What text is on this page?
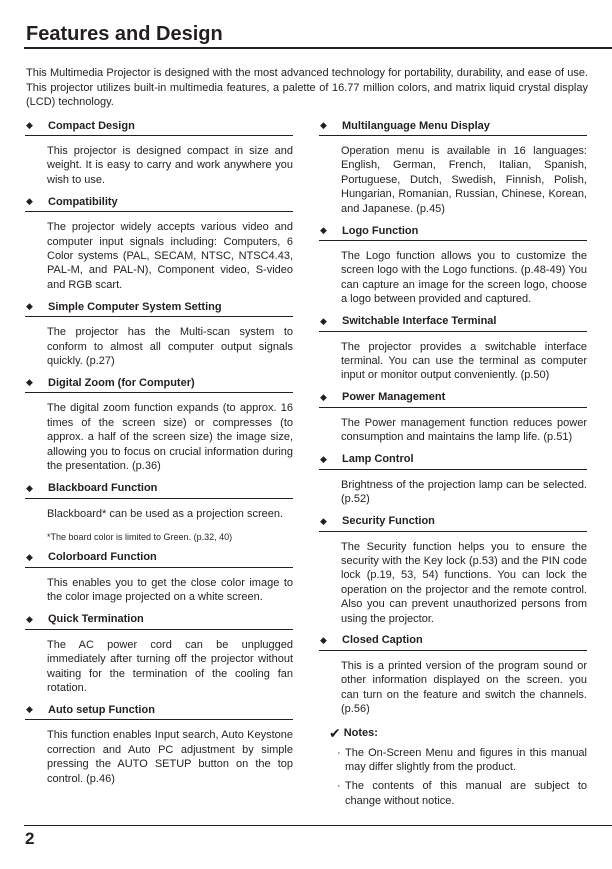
Features and Design
This Multimedia Projector is designed with the most advanced technology for portability, durability, and ease of use. This projector utilizes built-in multimedia features, a palette of 16.77 million colors, and matrix liquid crystal display (LCD) technology.
◆	Compact Design
This projector is designed compact in size and weight. It is easy to carry and work anywhere you wish to use.
◆	Compatibility
The projector widely accepts various video and computer input signals including: Computers, 6 Color systems (PAL, SECAM, NTSC, NTSC4.43, PAL-M, and PAL-N), Component video, S-video and RGB scart.
◆	Simple Computer System Setting
The projector has the Multi-scan system to conform to almost all computer output signals quickly. (p.27)
◆	Digital Zoom (for Computer)
The digital zoom function expands (to approx. 16 times of the screen size) or compresses (to approx. a half of the screen size) the image size, allowing you to focus on crucial information during the presentation. (p.36)
◆	Blackboard Function
Blackboard* can be used as a projection screen.
*The board color is limited to Green. (p.32, 40)
◆	Colorboard Function
This enables you to get the close color image to the color image projected on a white screen.
◆	Quick Termination
The AC power cord can be unplugged immediately after turning off the projector without waiting for the termination of the cooling fan rotation.
◆	Auto setup Function
This function enables Input search, Auto Keystone correction and Auto PC adjustment by simple pressing the AUTO SETUP button on the top control. (p.46)
◆	Multilanguage Menu Display
Operation menu is available in 16 languages: English, German, French, Italian, Spanish, Portuguese, Dutch, Swedish, Finnish, Polish, Hungarian, Romanian, Russian, Chinese, Korean, and Japanese. (p.45)
◆	Logo Function
The Logo function allows you to customize the screen logo with the Logo functions. (p.48-49) You can capture an image for the screen logo, choose a logo between provided and captured.
◆	Switchable Interface Terminal
The projector provides a switchable interface terminal. You can use the terminal as computer input or monitor output conveniently. (p.50)
◆	Power Management
The Power management function reduces power consumption and maintains the lamp life. (p.51)
◆	Lamp Control
Brightness of the projection lamp can be selected. (p.52)
◆	Security Function
The Security function helps you to ensure the security with the Key lock (p.53) and the PIN code lock (p.19, 53, 54) functions. You can lock the operation on the projector and the remote control. Also you can prevent unauthorized persons from using the projector.
◆	Closed Caption
This is a printed version of the program sound or other information displayed on the screen. you can turn on the feature and switch the channels. (p.56)
✔ Notes:
· The On-Screen Menu and figures in this manual may differ slightly from the product.
· The contents of this manual are subject to change without notice.
2
